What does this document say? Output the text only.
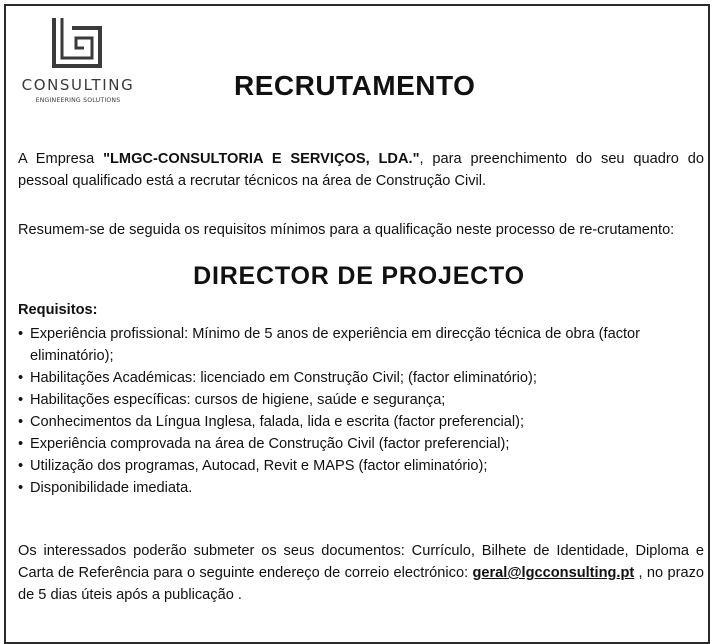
CONSULTING
ENGINEERING SOLUTIONS	RECRUTAMENTO
A Empresa "LMGC-CONSULTORIA E SERVIÇOS, LDA.", para preenchimento do seu quadro do pessoal qualificado está a recrutar técnicos na área de Construção Civil.
Resumem-se de seguida os requisitos mínimos para a qualificação neste processo de re-crutamento:
DIRECTOR DE PROJECTO
Requisitos:
• Experiência profissional: Mínimo de 5 anos de experiência em direcção técnica de obra (factor eliminatório);
• Habilitações Académicas: licenciado em Construção Civil; (factor eliminatório);
• Habilitações específicas: cursos de higiene, saúde e segurança;
• Conhecimentos da Língua Inglesa, falada, lida e escrita (factor preferencial);
• Experiência comprovada na área de Construção Civil (factor preferencial);
• Utilização dos programas, Autocad, Revit e MAPS (factor eliminatório);
• Disponibilidade imediata.
Os interessados poderão submeter os seus documentos: Currículo, Bilhete de Identidade, Diploma e Carta de Referência para o seguinte endereço de correio electrónico: geral@lgcconsulting.pt , no prazo de 5 dias úteis após a publicação .
